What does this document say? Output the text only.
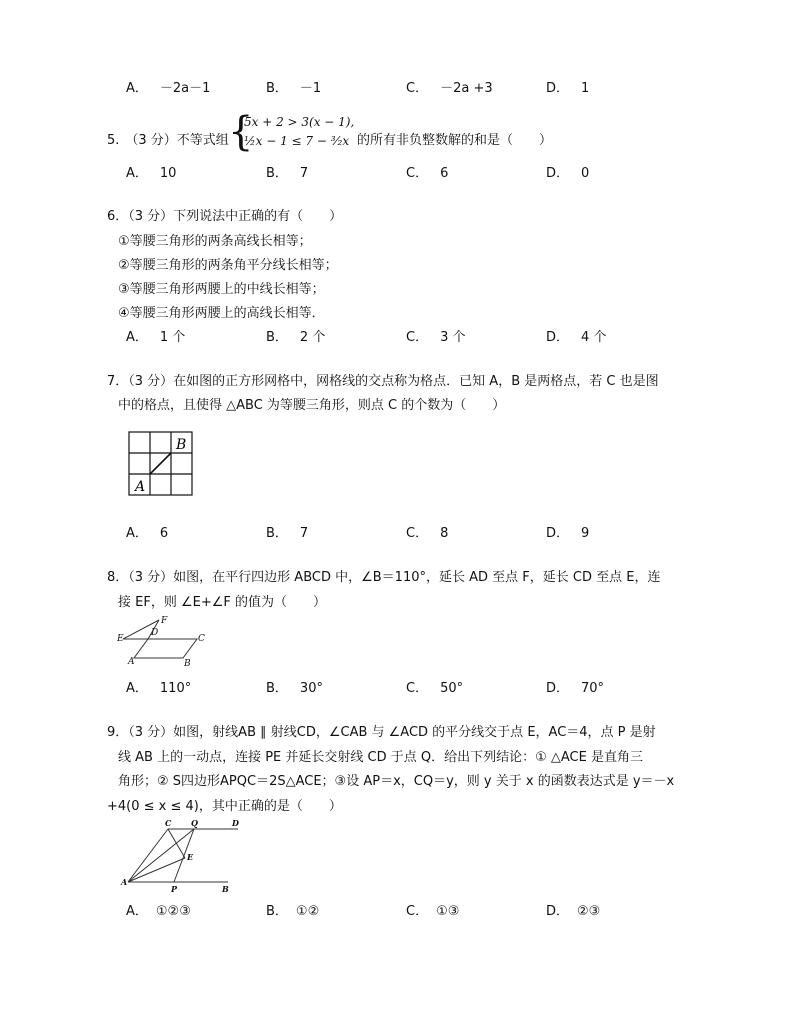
A． －2a－1	B． －1	C． －2a +3	D． 1
5. （3 分）不等式组 {
5x + 2 > 3(x − 1),
½x − 1 ≤ 7 − ³⁄₂x 的所有非负整数解的和是（　　）
A． 10	B． 7	C． 6	D． 0
6．（3 分）下列说法中正确的有（　　）
①等腰三角形的两条高线长相等；
②等腰三角形的两条角平分线长相等；
③等腰三角形两腰上的中线长相等；
④等腰三角形两腰上的高线长相等．
A． 1 个	B． 2 个	C． 3 个	D． 4 个
7．（3 分）在如图的正方形网格中，网格线的交点称为格点．已知 A，B 是两格点，若 C 也是图
中的格点，且使得 △ABC 为等腰三角形，则点 C 的个数为（　　）
B
A
A． 6	B． 7	C． 8	D． 9
8．（3 分）如图，在平行四边形 ABCD 中，∠B＝110°，延长 AD 至点 F，延长 CD 至点 E，连
接 EF，则 ∠E+∠F 的值为（　　）
E
F
D
C
A	B
A． 110°	B． 30°	C． 50°	D． 70°
9．（3 分）如图，射线AB ∥ 射线CD，∠CAB 与 ∠ACD 的平分线交于点 E，AC＝4，点 P 是射
线 AB 上的一动点，连接 PE 并延长交射线 CD 于点 Q．给出下列结论：① △ACE 是直角三
角形；② S四边形APQC＝2S△ACE；③设 AP＝x，CQ＝y，则 y 关于 x 的函数表达式是 y＝－x
+4(0 ≤ x ≤ 4)，其中正确的是（　　）
C Q	D
E
A
P	B
A． ①②③	B． ①②	C． ①③	D． ②③
